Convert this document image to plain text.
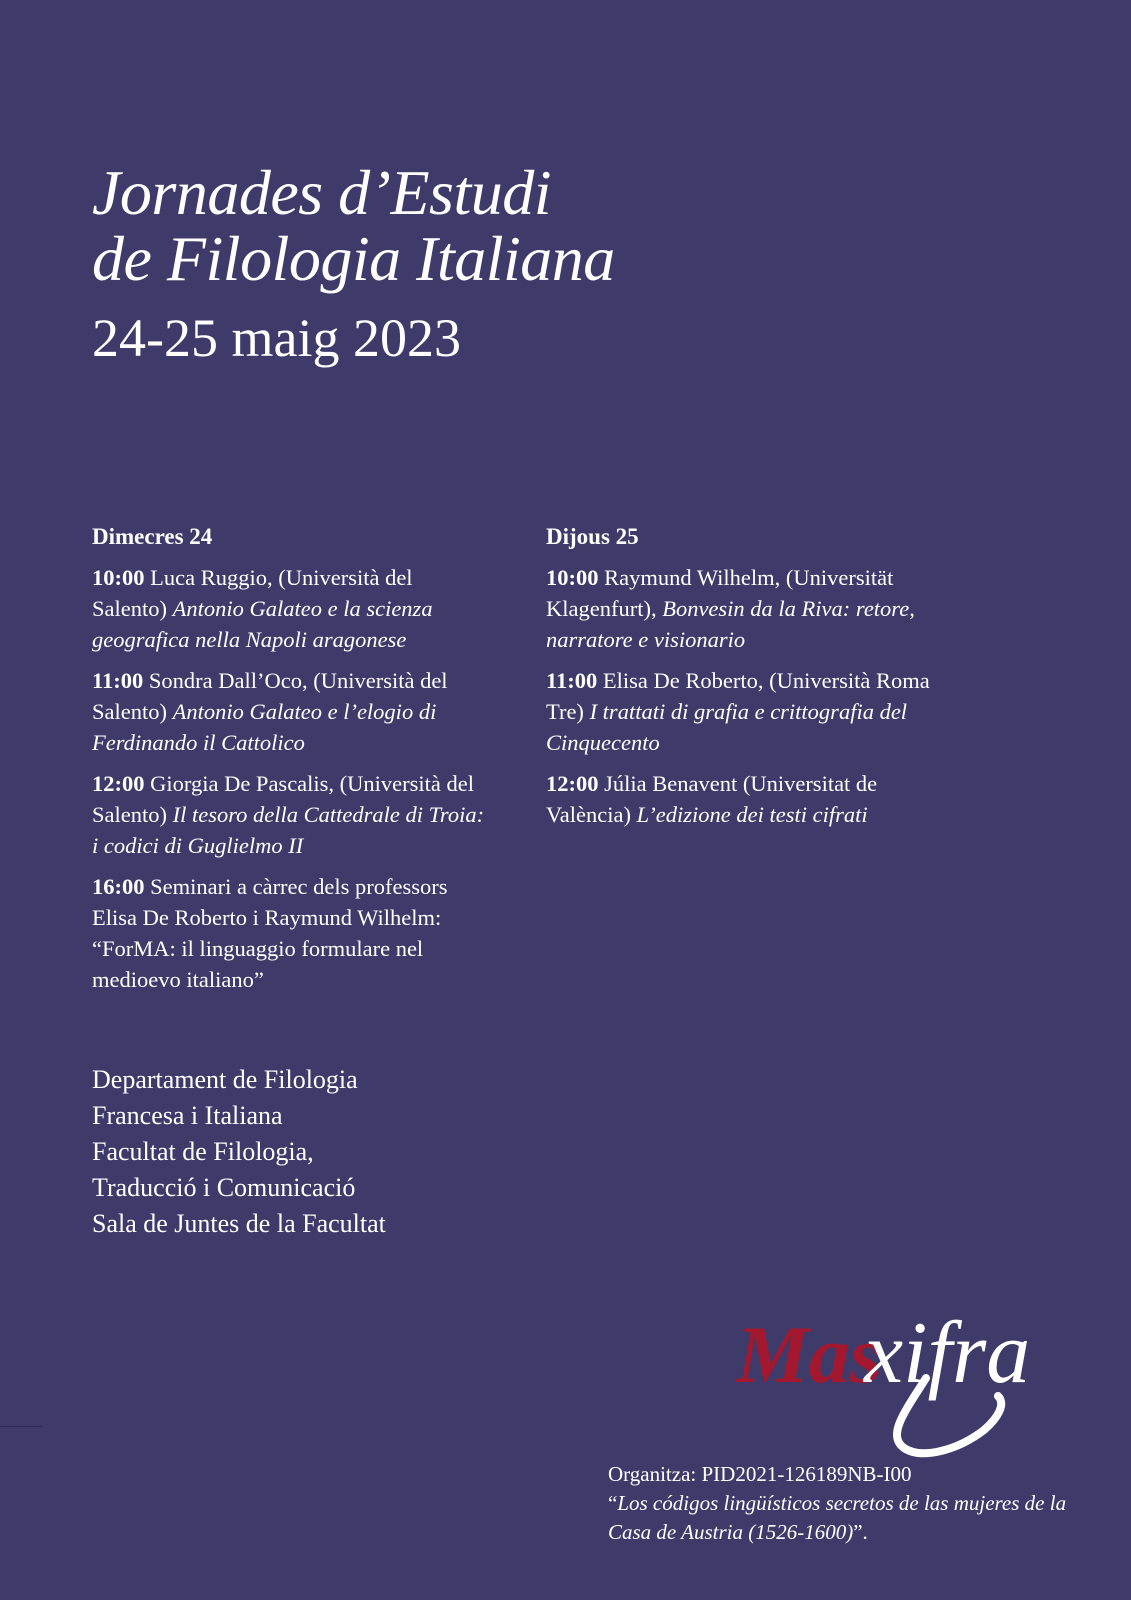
Jornades d’Estudi
de Filologia Italiana
24-25 maig 2023
Dimecres 24
10:00 Luca Ruggio, (Università del Salento) Antonio Galateo e la scienza geografica nella Napoli aragonese
11:00 Sondra Dall’Oco, (Università del Salento) Antonio Galateo e l’elogio di Ferdinando il Cattolico
12:00 Giorgia De Pascalis, (Università del Salento) Il tesoro della Cattedrale di Troia: i codici di Guglielmo II
16:00 Seminari a càrrec dels professors Elisa De Roberto i Raymund Wilhelm: “ForMA: il linguaggio formulare nel medioevo italiano”
Dijous 25
10:00 Raymund Wilhelm, (Universität Klagenfurt), Bonvesin da la Riva: retore, narratore e visionario
11:00 Elisa De Roberto, (Università Roma Tre) I trattati di grafia e crittografia del Cinquecento
12:00 Júlia Benavent (Universitat de València) L’edizione dei testi cifrati
Departament de Filologia
Francesa i Italiana
Facultat de Filologia,
Traducció i Comunicació
Sala de Juntes de la Facultat
Mas
xifra
Organitza: PID2021-126189NB-I00
“Los códigos lingüísticos secretos de las mujeres de la Casa de Austria (1526-1600)”.
